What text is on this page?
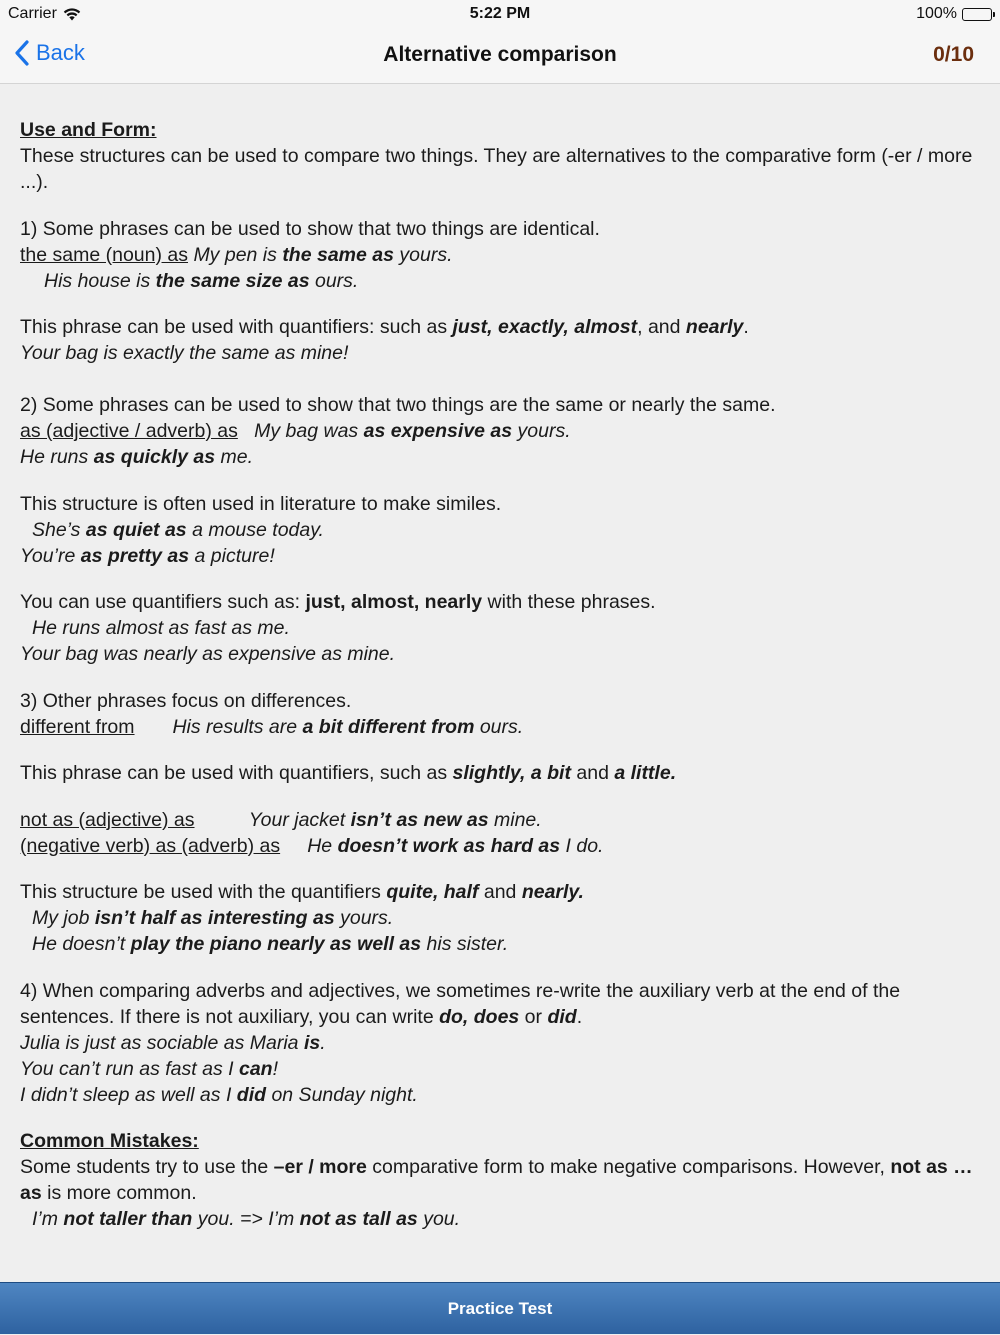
Carrier	5:22 PM	100%
Back	Alternative comparison	0/10

Use and Form:
These structures can be used to compare two things. They are alternatives to the comparative form (-er / more ...).

1) Some phrases can be used to show that two things are identical.
the same (noun) as My pen is the same as yours.
His house is the same size as ours.

This phrase can be used with quantifiers: such as just, exactly, almost, and nearly.
Your bag is exactly the same as mine!

2) Some phrases can be used to show that two things are the same or nearly the same.
as (adjective / adverb) as My bag was as expensive as yours.
He runs as quickly as me.

This structure is often used in literature to make similes.
She’s as quiet as a mouse today.
You’re as pretty as a picture!

You can use quantifiers such as: just, almost, nearly with these phrases.
He runs almost as fast as me.
Your bag was nearly as expensive as mine.

3) Other phrases focus on differences.
different from His results are a bit different from ours.

This phrase can be used with quantifiers, such as slightly, a bit and a little.

not as (adjective) as	Your jacket isn’t as new as mine.
(negative verb) as (adverb) as He doesn’t work as hard as I do.

This structure be used with the quantifiers quite, half and nearly.
My job isn’t half as interesting as yours.
He doesn’t play the piano nearly as well as his sister.

4) When comparing adverbs and adjectives, we sometimes re-write the auxiliary verb at the end of the sentences. If there is not auxiliary, you can write do, does or did.
Julia is just as sociable as Maria is.
You can’t run as fast as I can!
I didn’t sleep as well as I did on Sunday night.

Common Mistakes:
Some students try to use the –er / more comparative form to make negative comparisons. However, not as … as is more common.
I’m not taller than you. => I’m not as tall as you.

Practice Test
